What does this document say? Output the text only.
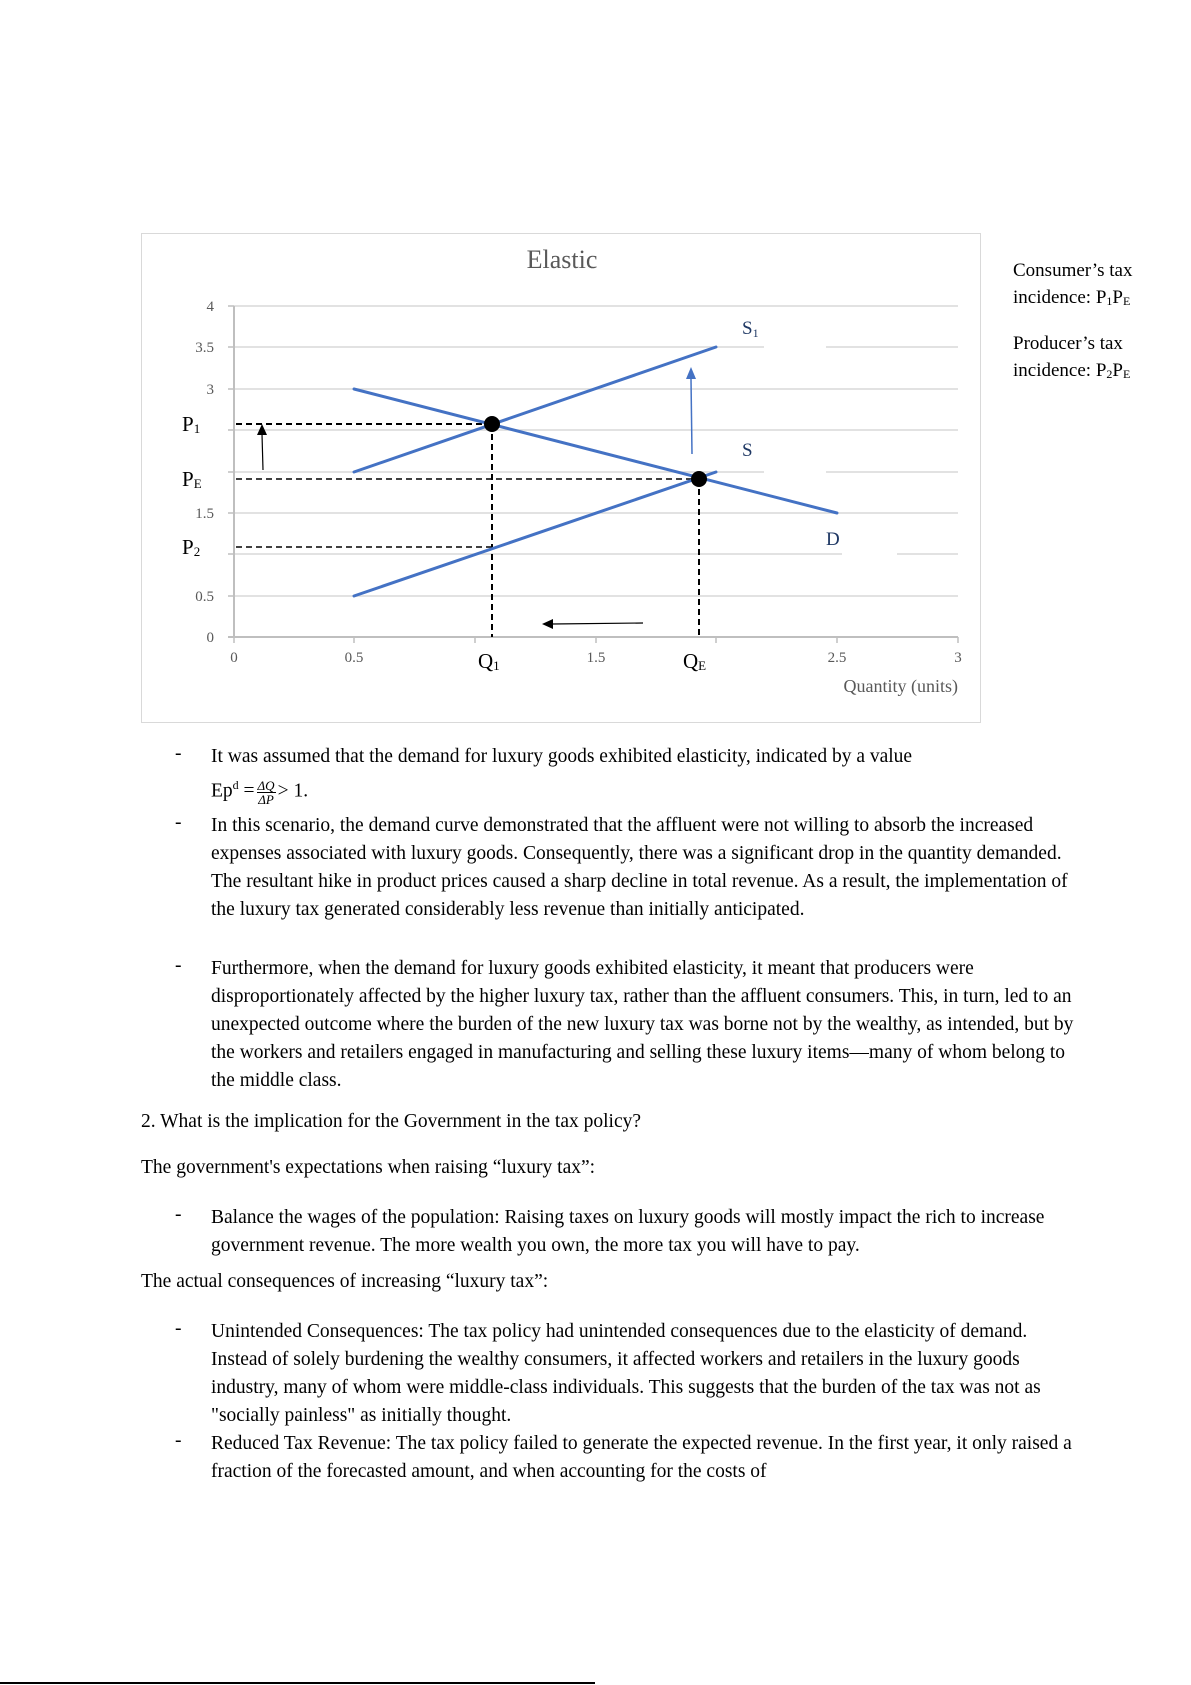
Elastic
4
3.5
3
1.5
0.5
0
0	0.5	1.5	2.5	3
Quantity (units)
S1
S
D
P1
PE
P2
Q1	QE
Consumer’s tax
incidence: $P_1P_E$
Producer’s tax
incidence: $P_2P_E$
- It was assumed that the demand for luxury goods exhibited elasticity, indicated by a value
$Ep^d = \frac{\Delta Q}{\Delta P} > 1$.
- In this scenario, the demand curve demonstrated that the affluent were not willing to absorb the increased expenses associated with luxury goods. Consequently, there was a significant drop in the quantity demanded. The resultant hike in product prices caused a sharp decline in total revenue. As a result, the implementation of the luxury tax generated considerably less revenue than initially anticipated.
- Furthermore, when the demand for luxury goods exhibited elasticity, it meant that producers were disproportionately affected by the higher luxury tax, rather than the affluent consumers. This, in turn, led to an unexpected outcome where the burden of the new luxury tax was borne not by the wealthy, as intended, but by the workers and retailers engaged in manufacturing and selling these luxury items—many of whom belong to the middle class.
2. What is the implication for the Government in the tax policy?
The government's expectations when raising “luxury tax”:
- Balance the wages of the population: Raising taxes on luxury goods will mostly impact the rich to increase government revenue. The more wealth you own, the more tax you will have to pay.
The actual consequences of increasing “luxury tax”:
- Unintended Consequences: The tax policy had unintended consequences due to the elasticity of demand. Instead of solely burdening the wealthy consumers, it affected workers and retailers in the luxury goods industry, many of whom were middle-class individuals. This suggests that the burden of the tax was not as "socially painless" as initially thought.
- Reduced Tax Revenue: The tax policy failed to generate the expected revenue. In the first year, it only raised a fraction of the forecasted amount, and when accounting for the costs of
